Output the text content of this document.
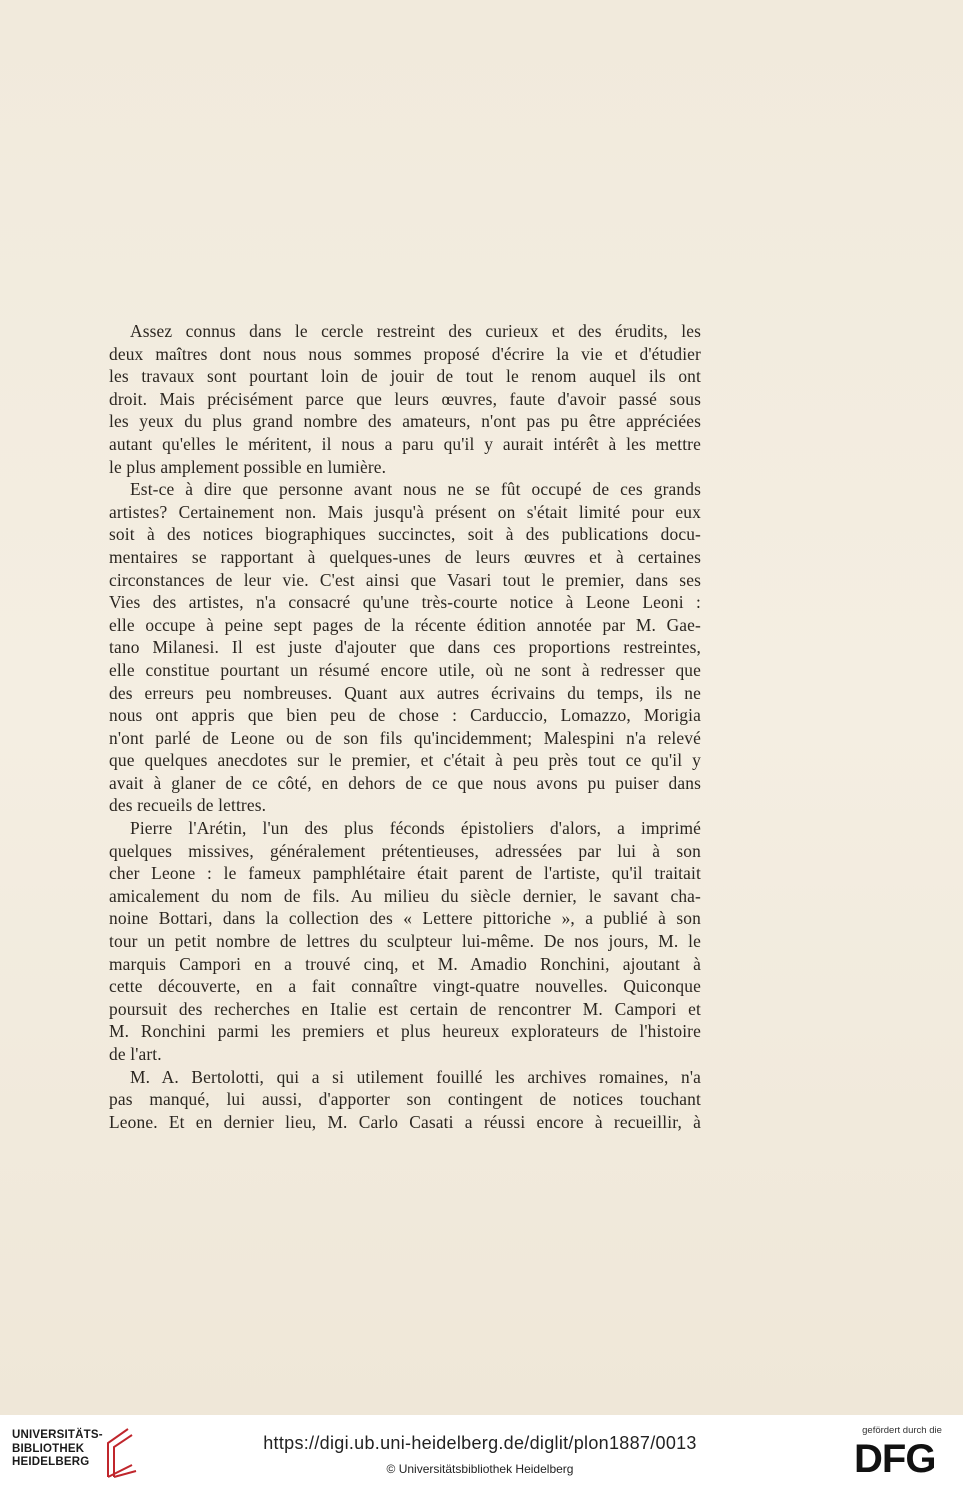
Assez connus dans le cercle restreint des curieux et des érudits, les
deux maîtres dont nous nous sommes proposé d'écrire la vie et d'étudier
les travaux sont pourtant loin de jouir de tout le renom auquel ils ont
droit. Mais précisément parce que leurs œuvres, faute d'avoir passé sous
les yeux du plus grand nombre des amateurs, n'ont pas pu être appréciées
autant qu'elles le méritent, il nous a paru qu'il y aurait intérêt à les mettre
le plus amplement possible en lumière.
Est-ce à dire que personne avant nous ne se fût occupé de ces grands
artistes? Certainement non. Mais jusqu'à présent on s'était limité pour eux
soit à des notices biographiques succinctes, soit à des publications docu-
mentaires se rapportant à quelques-unes de leurs œuvres et à certaines
circonstances de leur vie. C'est ainsi que Vasari tout le premier, dans ses
Vies des artistes, n'a consacré qu'une très-courte notice à Leone Leoni :
elle occupe à peine sept pages de la récente édition annotée par M. Gae-
tano Milanesi. Il est juste d'ajouter que dans ces proportions restreintes,
elle constitue pourtant un résumé encore utile, où ne sont à redresser que
des erreurs peu nombreuses. Quant aux autres écrivains du temps, ils ne
nous ont appris que bien peu de chose : Carduccio, Lomazzo, Morigia
n'ont parlé de Leone ou de son fils qu'incidemment; Malespini n'a relevé
que quelques anecdotes sur le premier, et c'était à peu près tout ce qu'il y
avait à glaner de ce côté, en dehors de ce que nous avons pu puiser dans
des recueils de lettres.
Pierre l'Arétin, l'un des plus féconds épistoliers d'alors, a imprimé
quelques missives, généralement prétentieuses, adressées par lui à son
cher Leone : le fameux pamphlétaire était parent de l'artiste, qu'il traitait
amicalement du nom de fils. Au milieu du siècle dernier, le savant cha-
noine Bottari, dans la collection des « Lettere pittoriche », a publié à son
tour un petit nombre de lettres du sculpteur lui-même. De nos jours, M. le
marquis Campori en a trouvé cinq, et M. Amadio Ronchini, ajoutant à
cette découverte, en a fait connaître vingt-quatre nouvelles. Quiconque
poursuit des recherches en Italie est certain de rencontrer M. Campori et
M. Ronchini parmi les premiers et plus heureux explorateurs de l'histoire
de l'art.
M. A. Bertolotti, qui a si utilement fouillé les archives romaines, n'a
pas manqué, lui aussi, d'apporter son contingent de notices touchant
Leone. Et en dernier lieu, M. Carlo Casati a réussi encore à recueillir, à
UNIVERSITÄTS-
BIBLIOTHEK
HEIDELBERG
https://digi.ub.uni-heidelberg.de/diglit/plon1887/0013
© Universitätsbibliothek Heidelberg
gefördert durch die
DFG
